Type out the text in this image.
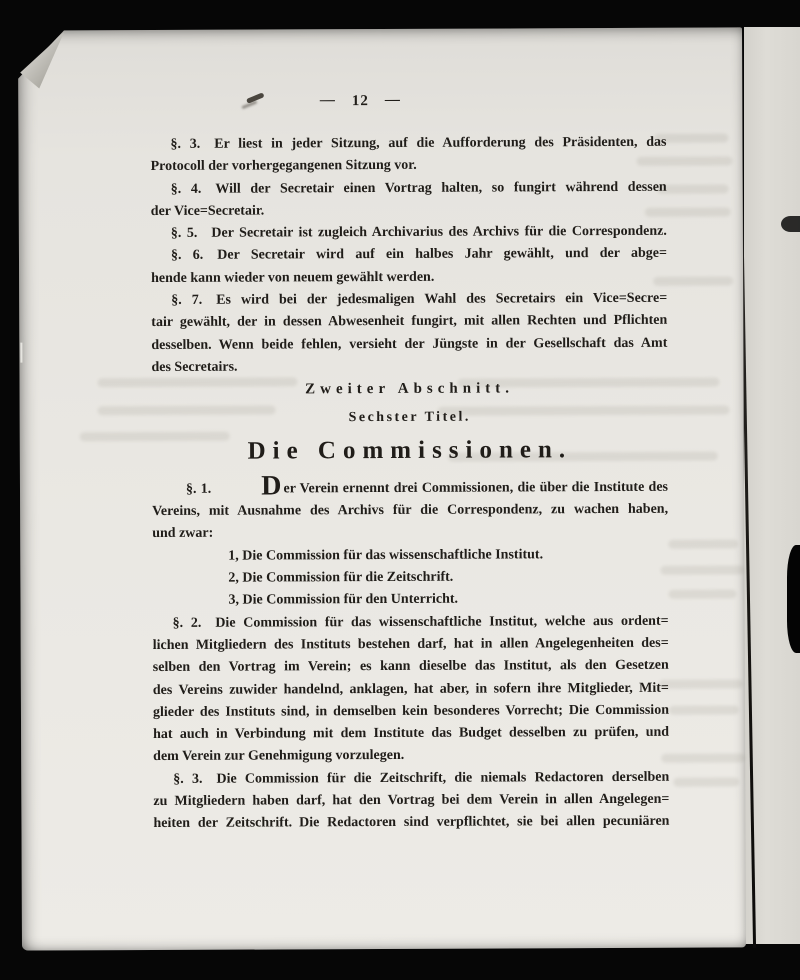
— 12 —
§. 3. Er liest in jeder Sitzung, auf die Aufforderung des Präsidenten, das
Protocoll der vorhergegangenen Sitzung vor.
§. 4. Will der Secretair einen Vortrag halten, so fungirt während dessen
der Vice=Secretair.
§. 5. Der Secretair ist zugleich Archivarius des Archivs für die Correspondenz.
§. 6. Der Secretair wird auf ein halbes Jahr gewählt, und der abge=
hende kann wieder von neuem gewählt werden.
§. 7. Es wird bei der jedesmaligen Wahl des Secretairs ein Vice=Secre=
tair gewählt, der in dessen Abwesenheit fungirt, mit allen Rechten und Pflichten
desselben. Wenn beide fehlen, versieht der Jüngste in der Gesellschaft das Amt
des Secretairs.
Zweiter Abschnitt.
Sechster Titel.
Die Commissionen.
§. 1. Der Verein ernennt drei Commissionen, die über die Institute des
Vereins, mit Ausnahme des Archivs für die Correspondenz, zu wachen haben,
und zwar:
1, Die Commission für das wissenschaftliche Institut.
2, Die Commission für die Zeitschrift.
3, Die Commission für den Unterricht.
§. 2. Die Commission für das wissenschaftliche Institut, welche aus ordent=
lichen Mitgliedern des Instituts bestehen darf, hat in allen Angelegenheiten des=
selben den Vortrag im Verein; es kann dieselbe das Institut, als den Gesetzen
des Vereins zuwider handelnd, anklagen, hat aber, in sofern ihre Mitglieder, Mit=
glieder des Instituts sind, in demselben kein besonderes Vorrecht; Die Commission
hat auch in Verbindung mit dem Institute das Budget desselben zu prüfen, und
dem Verein zur Genehmigung vorzulegen.
§. 3. Die Commission für die Zeitschrift, die niemals Redactoren derselben
zu Mitgliedern haben darf, hat den Vortrag bei dem Verein in allen Angelegen=
heiten der Zeitschrift. Die Redactoren sind verpflichtet, sie bei allen pecuniären
